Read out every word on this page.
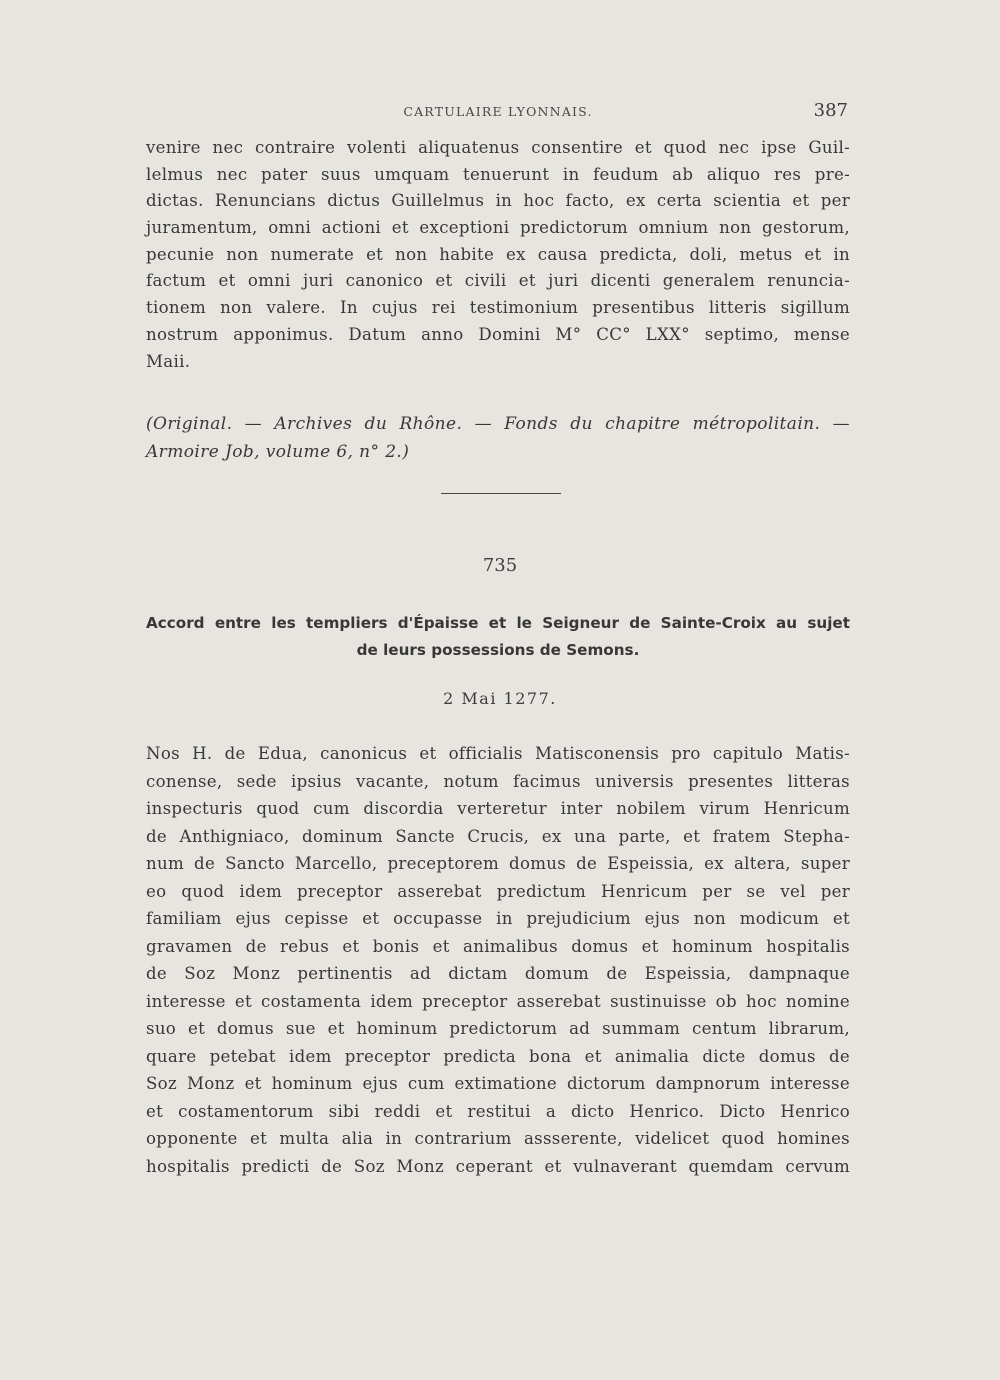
CARTULAIRE LYONNAIS.	387
venire nec contraire volenti aliquatenus consentire et quod nec ipse Guil-
lelmus nec pater suus umquam tenuerunt in feudum ab aliquo res pre-
dictas. Renuncians dictus Guillelmus in hoc facto, ex certa scientia et per
juramentum, omni actioni et exceptioni predictorum omnium non gestorum,
pecunie non numerate et non habite ex causa predicta, doli, metus et in
factum et omni juri canonico et civili et juri dicenti generalem renuncia-
tionem non valere. In cujus rei testimonium presentibus litteris sigillum
nostrum apponimus. Datum anno Domini M° CC° LXX° septimo, mense
Maii.
(Original. — Archives du Rhône. — Fonds du chapitre métropolitain. —
Armoire Job, volume 6, n° 2.)
735
Accord entre les templiers d'Épaisse et le Seigneur de Sainte-Croix au sujet
de leurs possessions de Semons.
2 Mai 1277.
Nos H. de Edua, canonicus et officialis Matisconensis pro capitulo Matis-
conense, sede ipsius vacante, notum facimus universis presentes litteras
inspecturis quod cum discordia verteretur inter nobilem virum Henricum
de Anthigniaco, dominum Sancte Crucis, ex una parte, et fratem Stepha-
num de Sancto Marcello, preceptorem domus de Espeissia, ex altera, super
eo quod idem preceptor asserebat predictum Henricum per se vel per
familiam ejus cepisse et occupasse in prejudicium ejus non modicum et
gravamen de rebus et bonis et animalibus domus et hominum hospitalis
de Soz Monz pertinentis ad dictam domum de Espeissia, dampnaque
interesse et costamenta idem preceptor asserebat sustinuisse ob hoc nomine
suo et domus sue et hominum predictorum ad summam centum librarum,
quare petebat idem preceptor predicta bona et animalia dicte domus de
Soz Monz et hominum ejus cum extimatione dictorum dampnorum interesse
et costamentorum sibi reddi et restitui a dicto Henrico. Dicto Henrico
opponente et multa alia in contrarium assserente, videlicet quod homines
hospitalis predicti de Soz Monz ceperant et vulnaverant quemdam cervum
